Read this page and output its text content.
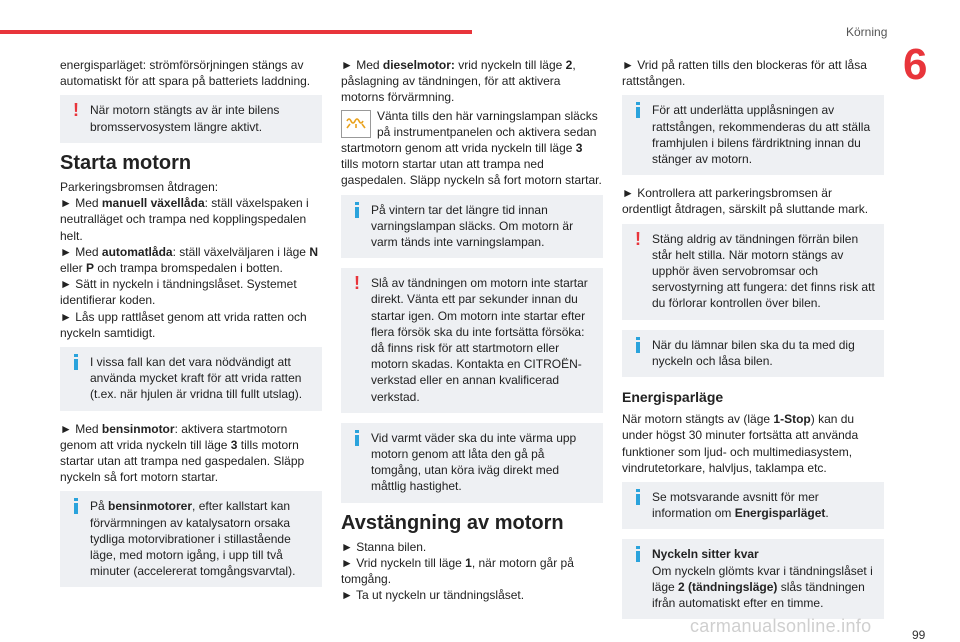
Körning
6

energisparläget: strömförsörjningen stängs av automatiskt för att spara på batteriets laddning.

! När motorn stängts av är inte bilens bromsservosystem längre aktivt.
Starta motorn

Parkeringsbromsen åtdragen:
► Med manuell växellåda: ställ växelspaken i neutralläget och trampa ned kopplingspedalen helt.
► Med automatlåda: ställ växelväljaren i läge N eller P och trampa bromspedalen i botten.
► Sätt in nyckeln i tändningslåset. Systemet identifierar koden.
► Lås upp rattlåset genom att vrida ratten och nyckeln samtidigt.

I vissa fall kan det vara nödvändigt att använda mycket kraft för att vrida ratten (t.ex. när hjulen är vridna till fullt utslag).

► Med bensinmotor: aktivera startmotorn genom att vrida nyckeln till läge 3 tills motorn startar utan att trampa ned gaspedalen. Släpp nyckeln så fort motorn startar.

På bensinmotorer, efter kallstart kan förvärmningen av katalysatorn orsaka tydliga motorvibrationer i stillastående läge, med motorn igång, i upp till två minuter (accelererat tomgångsvarvtal).

► Med dieselmotor: vrid nyckeln till läge 2, påslagning av tändningen, för att aktivera motorns förvärmning.

Vänta tills den här varningslampan släcks på instrumentpanelen och aktivera sedan startmotorn genom att vrida nyckeln till läge 3 tills motorn startar utan att trampa ned gaspedalen. Släpp nyckeln så fort motorn startar.

På vintern tar det längre tid innan varningslampan släcks. Om motorn är varm tänds inte varningslampan.
! Slå av tändningen om motorn inte startar direkt. Vänta ett par sekunder innan du startar igen. Om motorn inte startar efter flera försök ska du inte fortsätta försöka: då finns risk för att startmotorn eller motorn skadas. Kontakta en CITROËN-verkstad eller en annan kvalificerad verkstad.
Vid varmt väder ska du inte värma upp motorn genom att låta den gå på tomgång, utan köra iväg direkt med måttlig hastighet.
Avstängning av motorn

► Stanna bilen.
► Vrid nyckeln till läge 1, när motorn går på tomgång.
► Ta ut nyckeln ur tändningslåset.

► Vrid på ratten tills den blockeras för att låsa rattstången.

För att underlätta upplåsningen av rattstången, rekommenderas du att ställa framhjulen i bilens färdriktning innan du stänger av motorn.

► Kontrollera att parkeringsbromsen är ordentligt åtdragen, särskilt på sluttande mark.

! Stäng aldrig av tändningen förrän bilen står helt stilla. När motorn stängs av upphör även servobromsar och servostyrning att fungera: det finns risk att du förlorar kontrollen över bilen.
När du lämnar bilen ska du ta med dig nyckeln och låsa bilen.
Energisparläge

När motorn stängts av (läge 1-Stop) kan du under högst 30 minuter fortsätta att använda funktioner som ljud- och multimediasystem, vindrutetorkare, halvljus, taklampa etc.

Se motsvarande avsnitt för mer information om Energisparläget.
Nyckeln sitter kvar
Om nyckeln glömts kvar i tändningslåset i läge 2 (tändningsläge) slås tändningen ifrån automatiskt efter en timme.
carmanualsonline.info	99
